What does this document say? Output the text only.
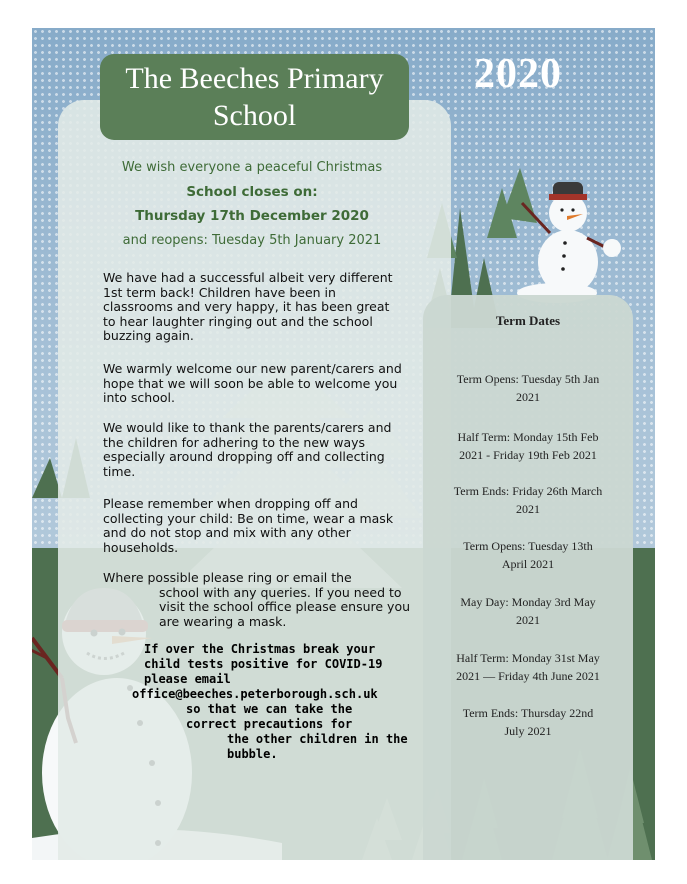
2020
The Beeches Primary
School
We wish everyone a peaceful Christmas
School closes on:
Thursday 17th December 2020
and reopens: Tuesday 5th January 2021
We have had a successful albeit very different 1st term back! Children have been in classrooms and very happy, it has been great to hear laughter ringing out and the school buzzing again.
We warmly welcome our new parent/carers and hope that we will soon be able to welcome you into school.
We would like to thank the parents/carers and the children for adhering to the new ways especially around dropping off and collecting time.
Please remember when dropping off and collecting your child: Be on time, wear a mask and do not stop and mix with any other households.
Where possible please ring or email the
school with any queries. If you need to visit the school office please ensure you are wearing a mask.
If over the Christmas break your
child tests positive for COVID-19
please email
office@beeches.peterborough.sch.uk
so that we can take the
correct precautions for
the other children in the
bubble.
Term Dates
Term Opens: Tuesday 5th Jan
2021
Half Term: Monday 15th Feb
2021 - Friday 19th Feb 2021
Term Ends: Friday 26th March
2021
Term Opens: Tuesday 13th
April 2021
May Day: Monday 3rd May
2021
Half Term: Monday 31st May
2021 — Friday 4th June 2021
Term Ends: Thursday 22nd
July 2021
